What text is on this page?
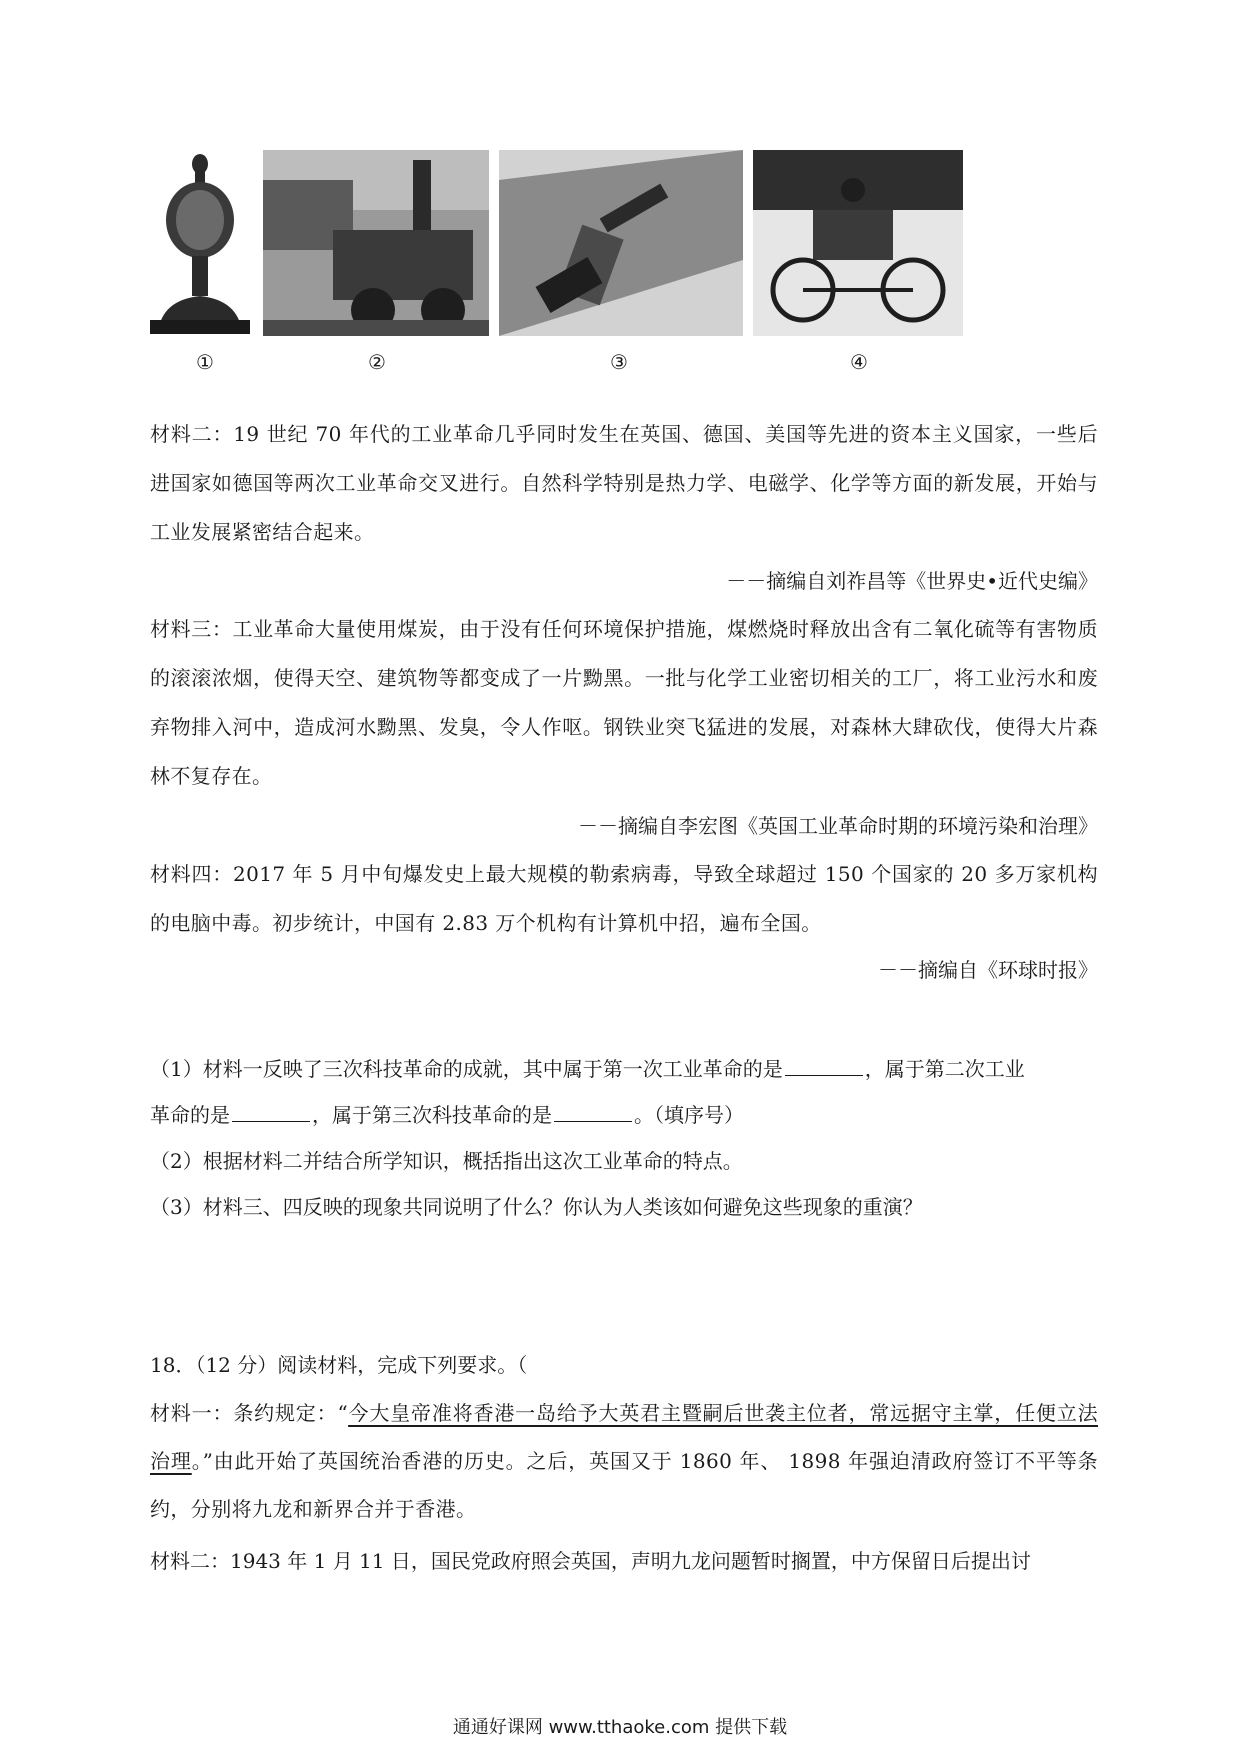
①	②	③	④

材料二：19 世纪 70 年代的工业革命几乎同时发生在英国、德国、美国等先进的资本主义国家，一些后进国家如德国等两次工业革命交叉进行。自然科学特别是热力学、电磁学、化学等方面的新发展，开始与工业发展紧密结合起来。

－－摘编自刘祚昌等《世界史•近代史编》

材料三：工业革命大量使用煤炭，由于没有任何环境保护措施，煤燃烧时释放出含有二氧化硫等有害物质的滚滚浓烟，使得天空、建筑物等都变成了一片黝黑。一批与化学工业密切相关的工厂，将工业污水和废弃物排入河中，造成河水黝黑、发臭，令人作呕。钢铁业突飞猛进的发展，对森林大肆砍伐，使得大片森林不复存在。

－－摘编自李宏图《英国工业革命时期的环境污染和治理》

材料四：2017 年 5 月中旬爆发史上最大规模的勒索病毒，导致全球超过 150 个国家的 20 多万家机构的电脑中毒。初步统计，中国有 2.83 万个机构有计算机中招，遍布全国。

－－摘编自《环球时报》
（1）材料一反映了三次科技革命的成就，其中属于第一次工业革命的是	，属于第二次工业
革命的是	，属于第三次科技革命的是	。（填序号）
（2）根据材料二并结合所学知识，概括指出这次工业革命的特点。
（3）材料三、四反映的现象共同说明了什么？你认为人类该如何避免这些现象的重演？
18．（12 分）阅读材料，完成下列要求。（

材料一：条约规定：“今大皇帝准将香港一岛给予大英君主暨嗣后世袭主位者，常远据守主掌，任便立法治理。”由此开始了英国统治香港的历史。之后，英国又于 1860 年、 1898 年强迫清政府签订不平等条约，分别将九龙和新界合并于香港。

材料二：1943 年 1 月 11 日，国民党政府照会英国，声明九龙问题暂时搁置，中方保留日后提出讨
通通好课网 www.tthaoke.com 提供下载
